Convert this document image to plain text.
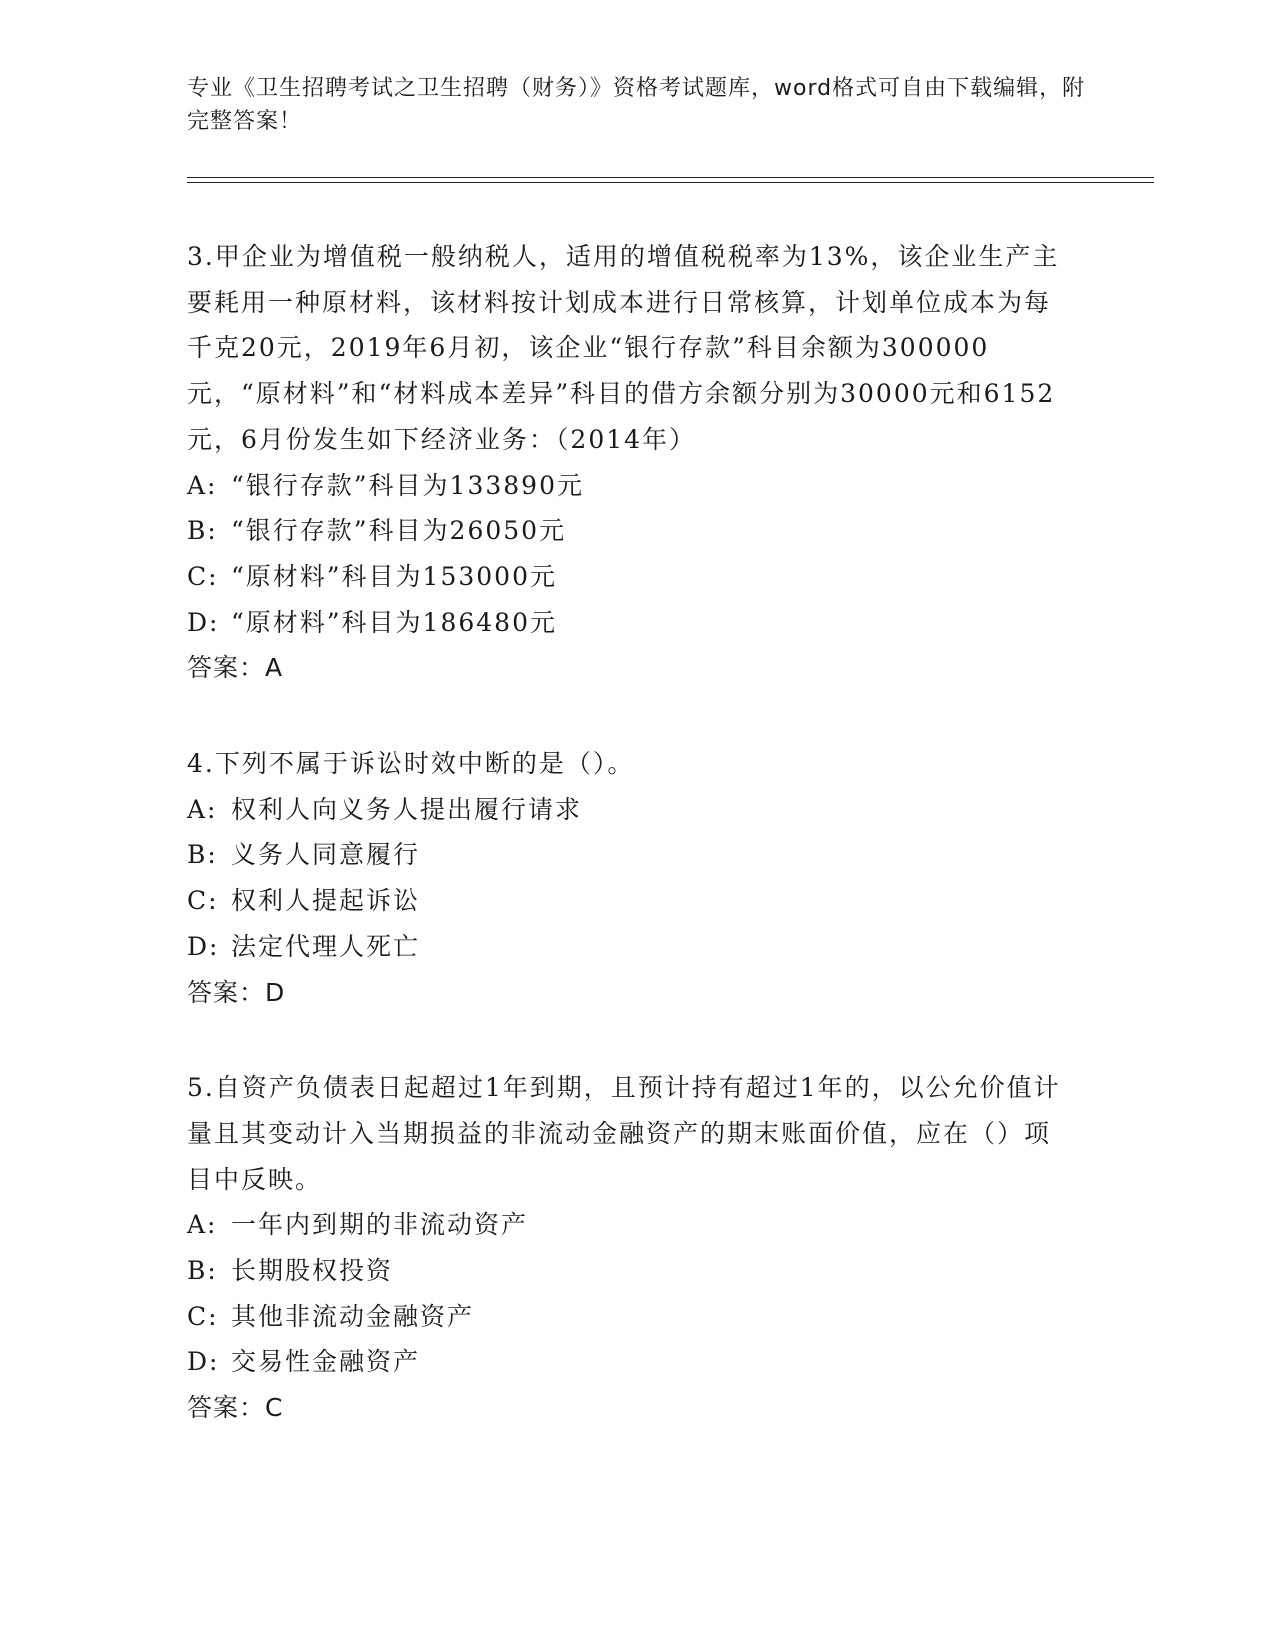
专业《卫生招聘考试之卫生招聘（财务）》资格考试题库，word格式可自由下载编辑，附完整答案！

3.甲企业为增值税一般纳税人，适用的增值税税率为13%，该企业生产主要耗用一种原材料，该材料按计划成本进行日常核算，计划单位成本为每千克20元，2019年6月初，该企业“银行存款”科目余额为300000元，“原材料”和“材料成本差异”科目的借方余额分别为30000元和6152元，6月份发生如下经济业务：（2014年）

A: “银行存款”科目为133890元

B: “银行存款”科目为26050元

C: “原材料”科目为153000元

D: “原材料”科目为186480元

答案：A

4.下列不属于诉讼时效中断的是（）。

A: 权利人向义务人提出履行请求

B: 义务人同意履行

C: 权利人提起诉讼

D: 法定代理人死亡

答案：D

5.自资产负债表日起超过1年到期，且预计持有超过1年的，以公允价值计量且其变动计入当期损益的非流动金融资产的期末账面价值，应在（）项目中反映。

A: 一年内到期的非流动资产

B: 长期股权投资

C: 其他非流动金融资产

D: 交易性金融资产

答案：C
